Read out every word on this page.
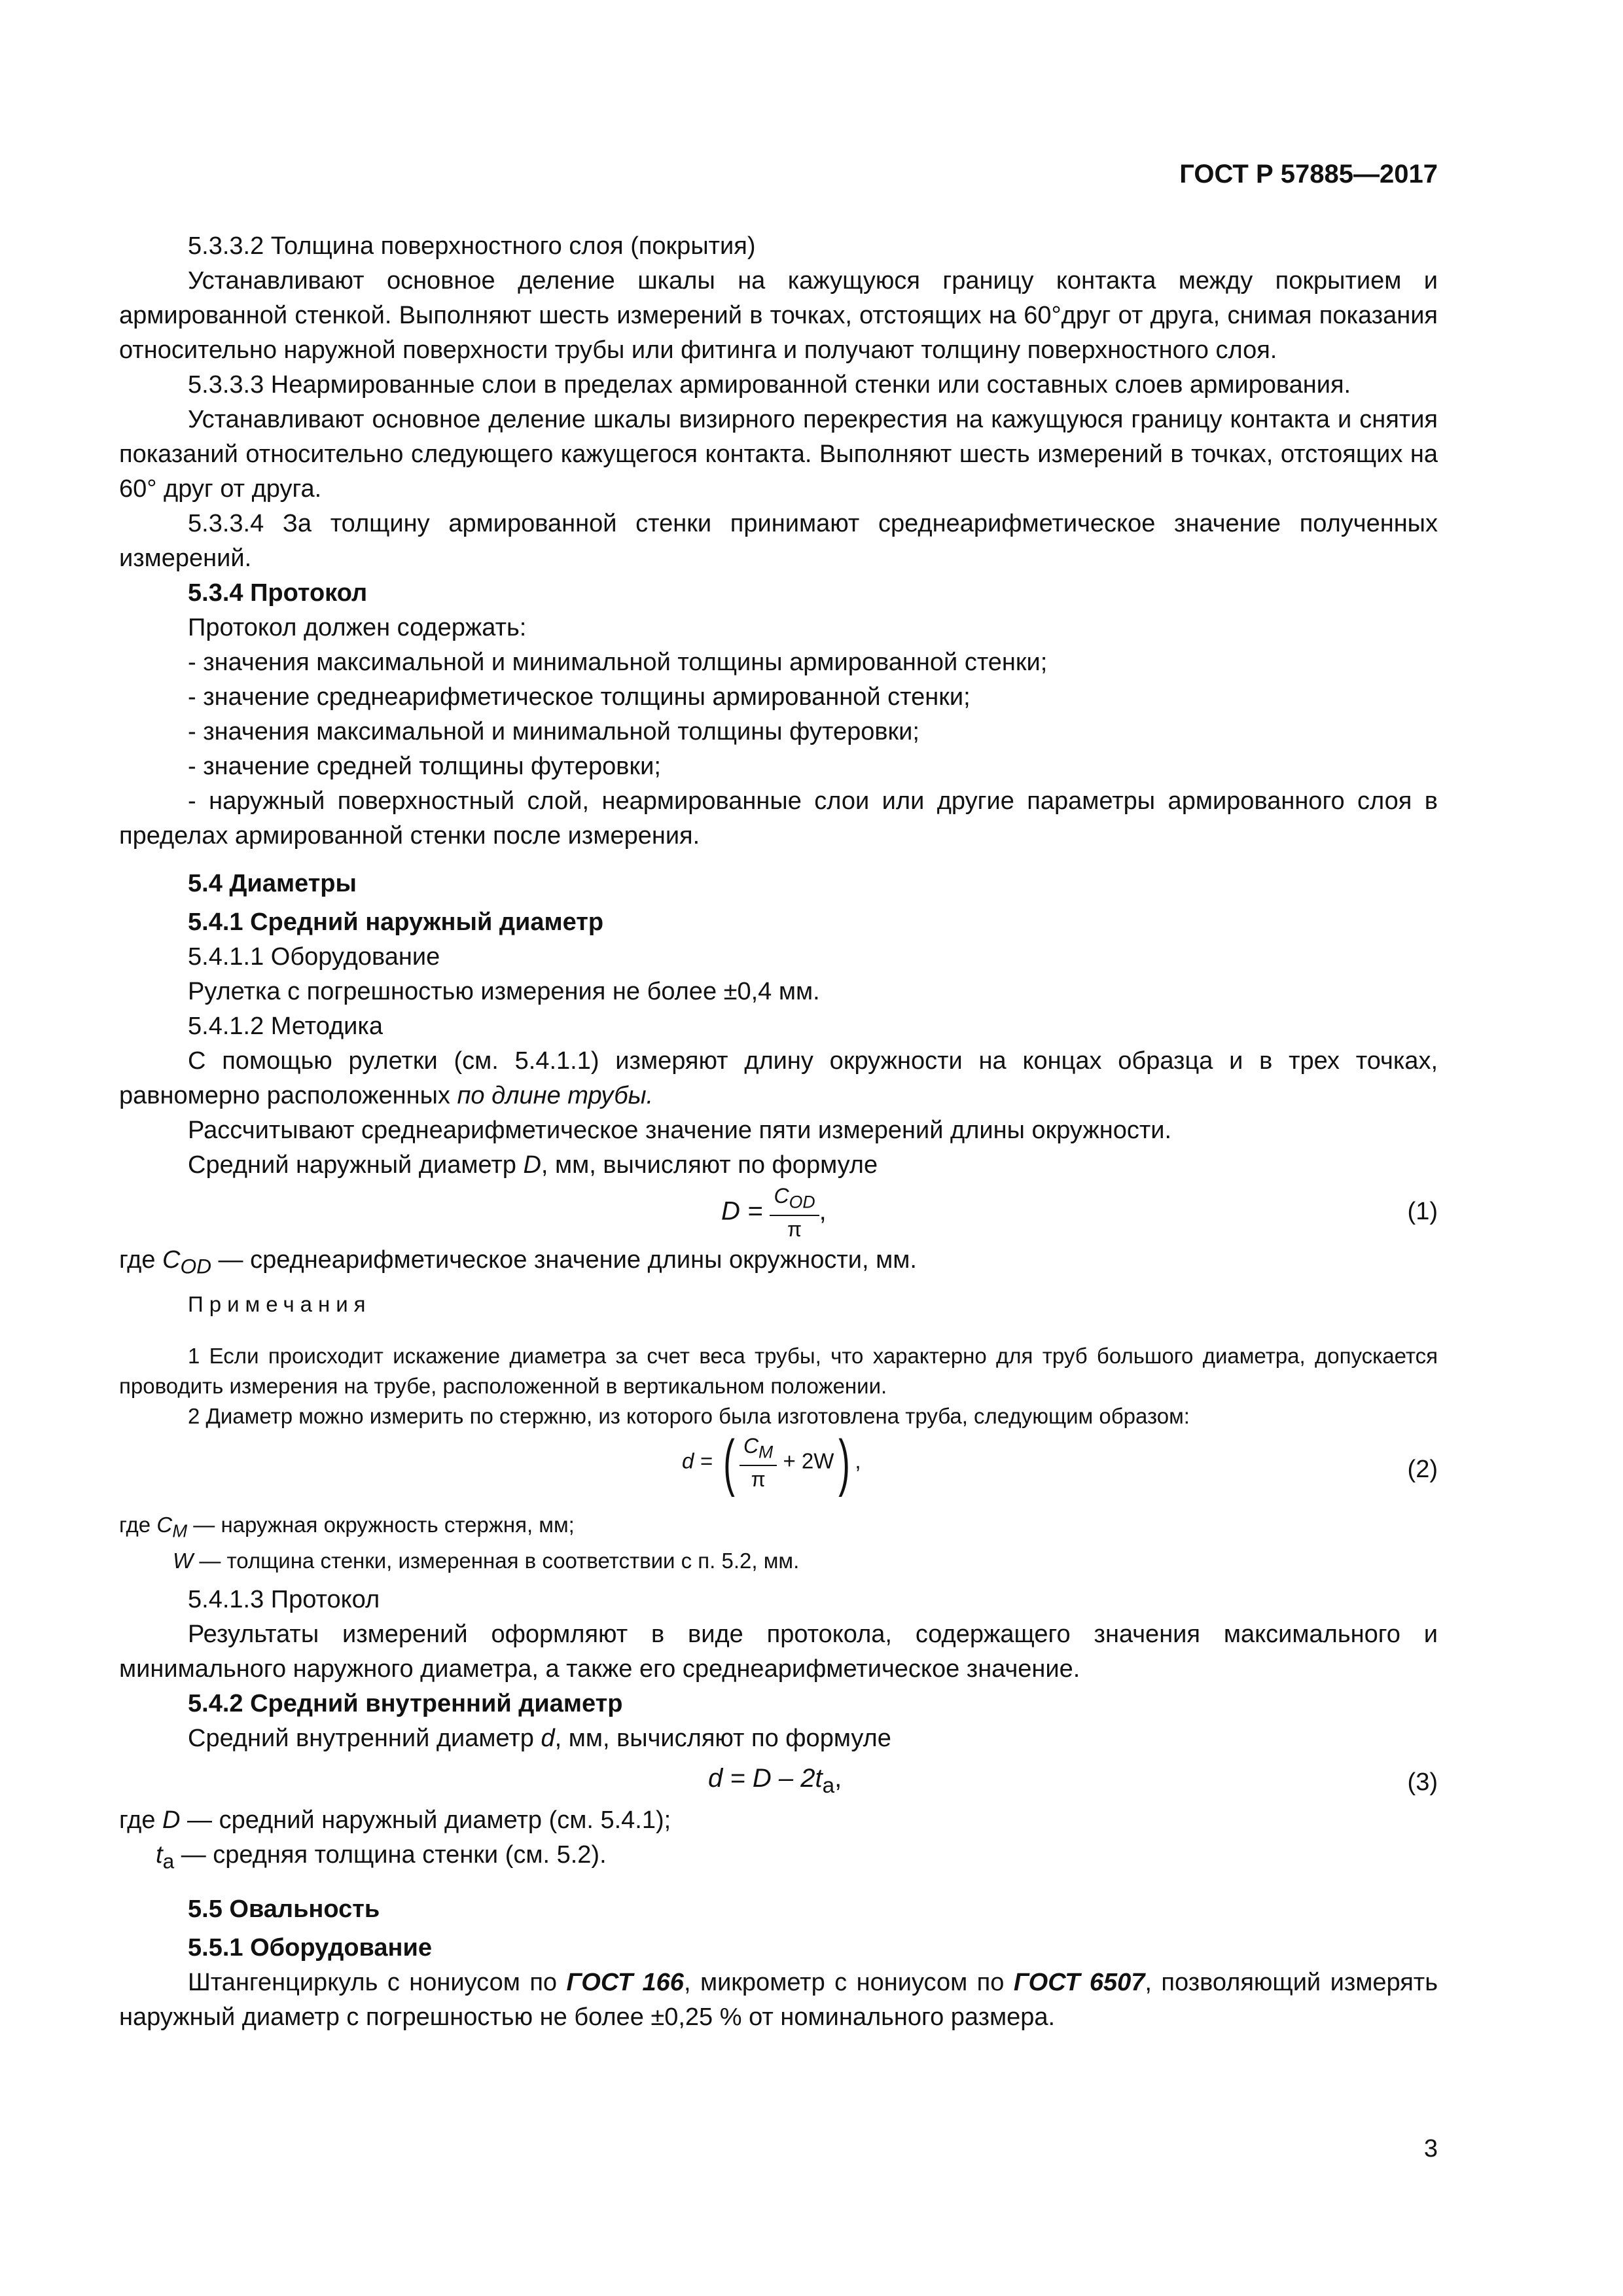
ГОСТ Р 57885—2017

5.3.3.2 Толщина поверхностного слоя (покрытия)

Устанавливают основное деление шкалы на кажущуюся границу контакта между покрытием и армированной стенкой. Выполняют шесть измерений в точках, отстоящих на 60°друг от друга, снимая показания относительно наружной поверхности трубы или фитинга и получают толщину поверхностного слоя.

5.3.3.3 Неармированные слои в пределах армированной стенки или составных слоев армирования.

Устанавливают основное деление шкалы визирного перекрестия на кажущуюся границу контакта и снятия показаний относительно следующего кажущегося контакта. Выполняют шесть измерений в точках, отстоящих на 60° друг от друга.

5.3.3.4 За толщину армированной стенки принимают среднеарифметическое значение полученных измерений.

5.3.4 Протокол

Протокол должен содержать:

- значения максимальной и минимальной толщины армированной стенки;

- значение среднеарифметическое толщины армированной стенки;

- значения максимальной и минимальной толщины футеровки;

- значение средней толщины футеровки;

- наружный поверхностный слой, неармированные слои или другие параметры армированного слоя в пределах армированной стенки после измерения.

5.4 Диаметры

5.4.1 Средний наружный диаметр

5.4.1.1 Оборудование

Рулетка с погрешностью измерения не более ±0,4 мм.

5.4.1.2 Методика

С помощью рулетки (см. 5.4.1.1) измеряют длину окружности на концах образца и в трех точках, равномерно расположенных по длине трубы.

Рассчитывают среднеарифметическое значение пяти измерений длины окружности.

Средний наружный диаметр D, мм, вычисляют по формуле

$D = \frac{C_{OD}}{\pi}$ ,	(1)

где $C_{OD}$ — среднеарифметическое значение длины окружности, мм.

Примечания

1 Если происходит искажение диаметра за счет веса трубы, что характерно для труб большого диаметра, допускается проводить измерения на трубе, расположенной в вертикальном положении.

2 Диаметр можно измерить по стержню, из которого была изготовлена труба, следующим образом:

d = ( $\frac{C_M}{\pi} + 2W$) ,	(2)

где $C_M$ — наружная окружность стержня, мм;

W — толщина стенки, измеренная в соответствии с п. 5.2, мм.

5.4.1.3 Протокол

Результаты измерений оформляют в виде протокола, содержащего значения максимального и минимального наружного диаметра, а также его среднеарифметическое значение.

5.4.2 Средний внутренний диаметр

Средний внутренний диаметр d, мм, вычисляют по формуле

$d = D - 2t_a$,	(3)

где D — средний наружный диаметр (см. 5.4.1);

$t_a$ — средняя толщина стенки (см. 5.2).

5.5 Овальность

5.5.1 Оборудование

Штангенциркуль с нониусом по ГОСТ 166, микрометр с нониусом по ГОСТ 6507, позволяющий измерять наружный диаметр с погрешностью не более ±0,25 % от номинального размера.

3
